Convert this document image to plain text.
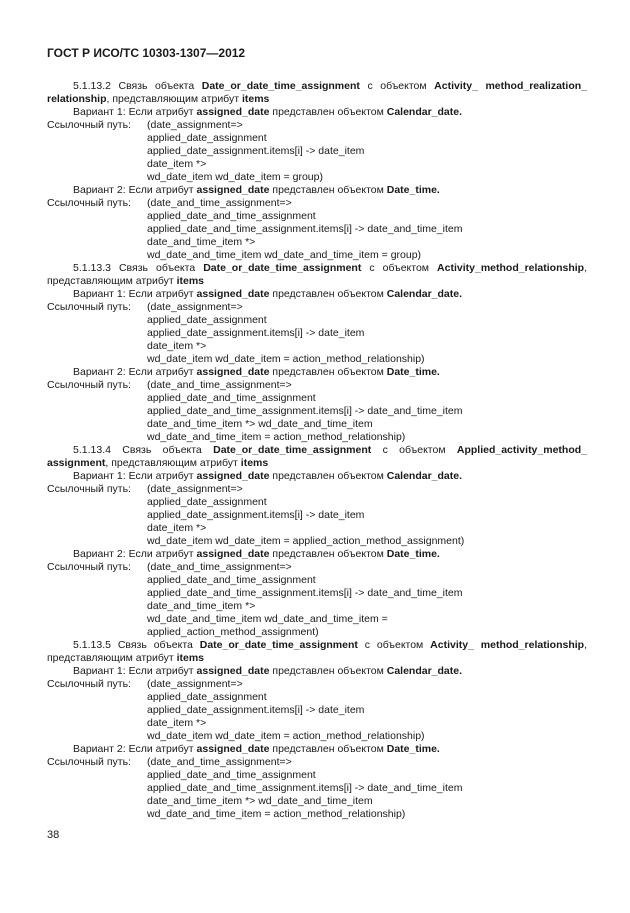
ГОСТ Р ИСО/ТС 10303-1307—2012
5.1.13.2 Связь объекта Date_or_date_time_assignment с объектом Activity_ method_realization_
relationship, представляющим атрибут items
Вариант 1: Если атрибут assigned_date представлен объектом Calendar_date.
Ссылочный путь: (date_assignment=>
applied_date_assignment
applied_date_assignment.items[i] -> date_item
date_item *>
wd_date_item wd_date_item = group)
Вариант 2: Если атрибут assigned_date представлен объектом Date_time.
Ссылочный путь: (date_and_time_assignment=>
applied_date_and_time_assignment
applied_date_and_time_assignment.items[i] -> date_and_time_item
date_and_time_item *>
wd_date_and_time_item wd_date_and_time_item = group)
5.1.13.3 Связь объекта Date_or_date_time_assignment с объектом Activity_method_relationship,
представляющим атрибут items
Вариант 1: Если атрибут assigned_date представлен объектом Calendar_date.
Ссылочный путь: (date_assignment=>
applied_date_assignment
applied_date_assignment.items[i] -> date_item
date_item *>
wd_date_item wd_date_item = action_method_relationship)
Вариант 2: Если атрибут assigned_date представлен объектом Date_time.
Ссылочный путь: (date_and_time_assignment=>
applied_date_and_time_assignment
applied_date_and_time_assignment.items[i] -> date_and_time_item
date_and_time_item *> wd_date_and_time_item
wd_date_and_time_item = action_method_relationship)
5.1.13.4 Связь объекта Date_or_date_time_assignment с объектом Applied_activity_method_
assignment, представляющим атрибут items
Вариант 1: Если атрибут assigned_date представлен объектом Calendar_date.
Ссылочный путь: (date_assignment=>
applied_date_assignment
applied_date_assignment.items[i] -> date_item
date_item *>
wd_date_item wd_date_item = applied_action_method_assignment)
Вариант 2: Если атрибут assigned_date представлен объектом Date_time.
Ссылочный путь: (date_and_time_assignment=>
applied_date_and_time_assignment
applied_date_and_time_assignment.items[i] -> date_and_time_item
date_and_time_item *>
wd_date_and_time_item wd_date_and_time_item =
applied_action_method_assignment)
5.1.13.5 Связь объекта Date_or_date_time_assignment с объектом Activity_ method_relationship,
представляющим атрибут items
Вариант 1: Если атрибут assigned_date представлен объектом Calendar_date.
Ссылочный путь: (date_assignment=>
applied_date_assignment
applied_date_assignment.items[i] -> date_item
date_item *>
wd_date_item wd_date_item = action_method_relationship)
Вариант 2: Если атрибут assigned_date представлен объектом Date_time.
Ссылочный путь: (date_and_time_assignment=>
applied_date_and_time_assignment
applied_date_and_time_assignment.items[i] -> date_and_time_item
date_and_time_item *> wd_date_and_time_item
wd_date_and_time_item = action_method_relationship)
38
